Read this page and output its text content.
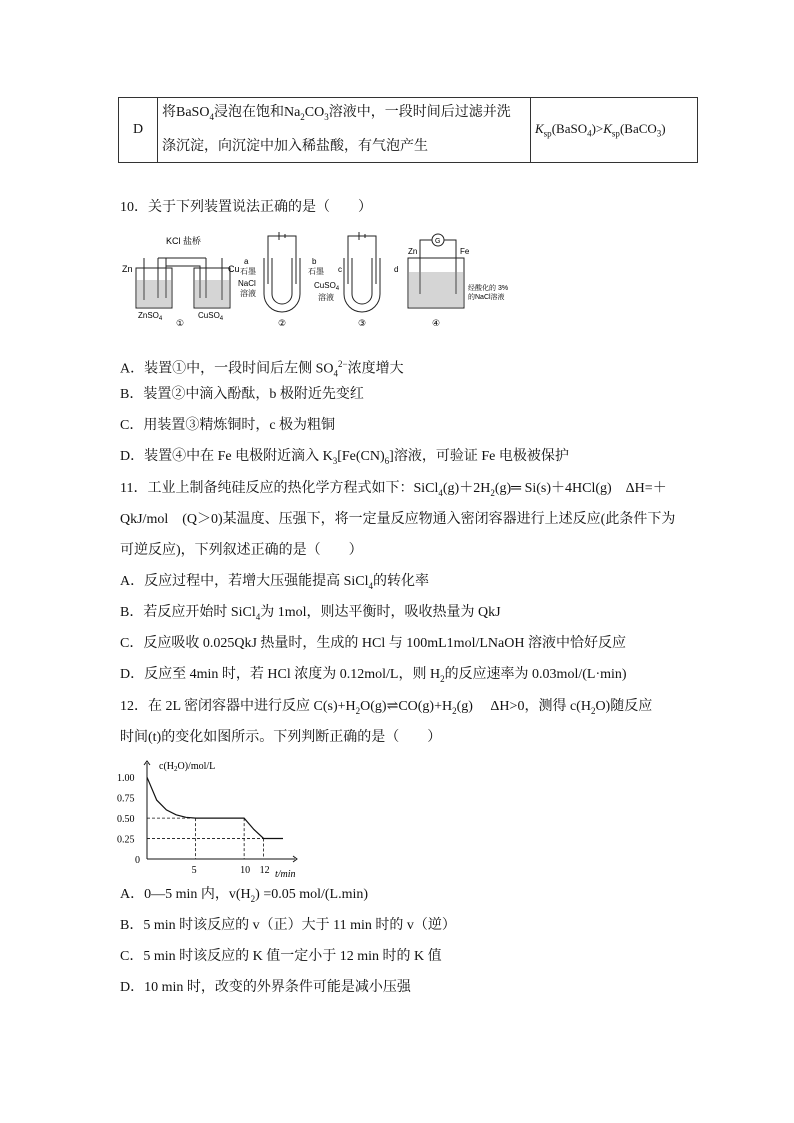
D	将BaSO$_4$浸泡在饱和$Na_2CO_3$溶液中，一段时间后过滤并洗
涤沉淀，向沉淀中加入稀盐酸，有气泡产生	$K_{sp}(BaSO_4)>K_{sp}(BaCO_3)$
10．关于下列装置说法正确的是（　　）
KCl 盐桥
Zn	Cu
ZnSO$_4$	CuSO$_4$
①
a
石墨
b
石墨
NaCl
溶液
②
c	d
CuSO$_4$
溶液
③
G
Zn	Fe
经酸化的 3%
的NaCl溶液
④
A．装置①中，一段时间后左侧 $SO_4^{2-}$浓度增大
B．装置②中滴入酚酞，b 极附近先变红
C．用装置③精炼铜时，c 极为粗铜
D．装置④中在 Fe 电极附近滴入 $K_3[Fe(CN)_6]$溶液，可验证 Fe 电极被保护
11．工业上制备纯硅反应的热化学方程式如下：$SiCl_4(g)+2H_2(g)═$ Si(s)＋4HCl(g)　ΔH=＋
QkJ/mol　(Q＞0)某温度、压强下，将一定量反应物通入密闭容器进行上述反应(此条件下为
可逆反应)，下列叙述正确的是（　　）
A．反应过程中，若增大压强能提高 SiCl$_4$的转化率
B．若反应开始时 SiCl$_4$为 1mol，则达平衡时，吸收热量为 QkJ
C．反应吸收 0.025QkJ 热量时，生成的 HCl 与 100mL1mol/LNaOH 溶液中恰好反应
D．反应至 4min 时，若 HCl 浓度为 0.12mol/L，则 $H_2$的反应速率为 0.03mol/(L·min)
12．在 2L 密闭容器中进行反应 $C(s)+H_2O(g)\rightleftharpoons CO(g)+H_2(g)$　 ΔH>0，测得 $c(H_2O)$随反应
时间(t)的变化如图所示。下列判断正确的是（　　）
1.00
0.75
0.50
0.25
0
5	10 12
$c(H_2O)/mol/L$
t/min
A．0—5 min 内，$v(H_2) =0.05$ mol/(L.min)
B．5 min 时该反应的 v（正）大于 11 min 时的 v（逆）
C．5 min 时该反应的 K 值一定小于 12 min 时的 K 值
D．10 min 时，改变的外界条件可能是减小压强
